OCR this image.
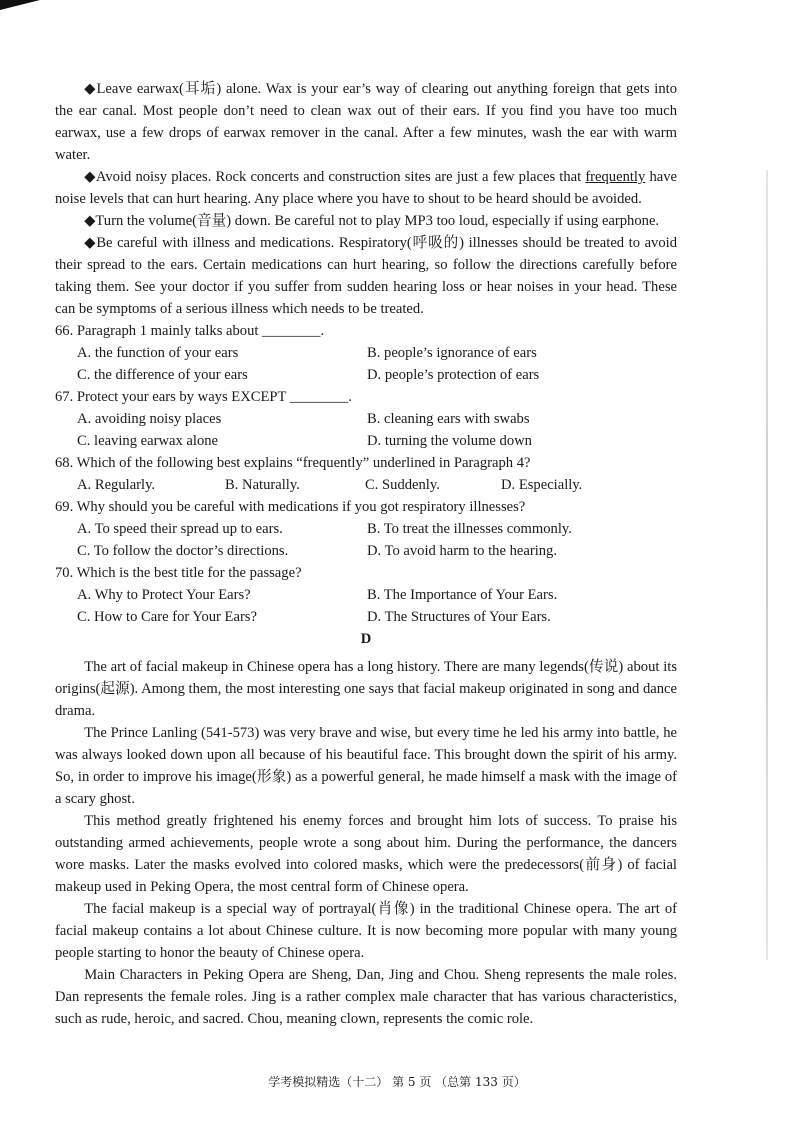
◆Leave earwax(耳垢) alone. Wax is your ear’s way of clearing out anything foreign that gets into the ear canal. Most people don’t need to clean wax out of their ears. If you find you have too much earwax, use a few drops of earwax remover in the canal. After a few minutes, wash the ear with warm water.

◆Avoid noisy places. Rock concerts and construction sites are just a few places that frequently have noise levels that can hurt hearing. Any place where you have to shout to be heard should be avoided.

◆Turn the volume(音量) down. Be careful not to play MP3 too loud, especially if using earphone.

◆Be careful with illness and medications. Respiratory(呼吸的) illnesses should be treated to avoid their spread to the ears. Certain medications can hurt hearing, so follow the directions carefully before taking them. See your doctor if you suffer from sudden hearing loss or hear noises in your head. These can be symptoms of a serious illness which needs to be treated.

66. Paragraph 1 mainly talks about ________.

A. the function of your ears	B. people’s ignorance of ears
C. the difference of your ears	D. people’s protection of ears

67. Protect your ears by ways EXCEPT ________.

A. avoiding noisy places	B. cleaning ears with swabs
C. leaving earwax alone	D. turning the volume down

68. Which of the following best explains “frequently” underlined in Paragraph 4?

A. Regularly.	B. Naturally.	C. Suddenly.	D. Especially.

69. Why should you be careful with medications if you got respiratory illnesses?

A. To speed their spread up to ears.	B. To treat the illnesses commonly.
C. To follow the doctor’s directions.	D. To avoid harm to the hearing.

70. Which is the best title for the passage?

A. Why to Protect Your Ears?	B. The Importance of Your Ears.
C. How to Care for Your Ears?	D. The Structures of Your Ears.

D

The art of facial makeup in Chinese opera has a long history. There are many legends(传说) about its origins(起源). Among them, the most interesting one says that facial makeup originated in song and dance drama.

The Prince Lanling (541-573) was very brave and wise, but every time he led his army into battle, he was always looked down upon all because of his beautiful face. This brought down the spirit of his army. So, in order to improve his image(形象) as a powerful general, he made himself a mask with the image of a scary ghost.

This method greatly frightened his enemy forces and brought him lots of success. To praise his outstanding armed achievements, people wrote a song about him. During the performance, the dancers wore masks. Later the masks evolved into colored masks, which were the predecessors(前身) of facial makeup used in Peking Opera, the most central form of Chinese opera.

The facial makeup is a special way of portrayal(肖像) in the traditional Chinese opera. The art of facial makeup contains a lot about Chinese culture. It is now becoming more popular with many young people starting to honor the beauty of Chinese opera.

Main Characters in Peking Opera are Sheng, Dan, Jing and Chou. Sheng represents the male roles. Dan represents the female roles. Jing is a rather complex male character that has various characteristics, such as rude, heroic, and sacred. Chou, meaning clown, represents the comic role.

学考模拟精选（十二） 第 5 页 （总第 133 页）
